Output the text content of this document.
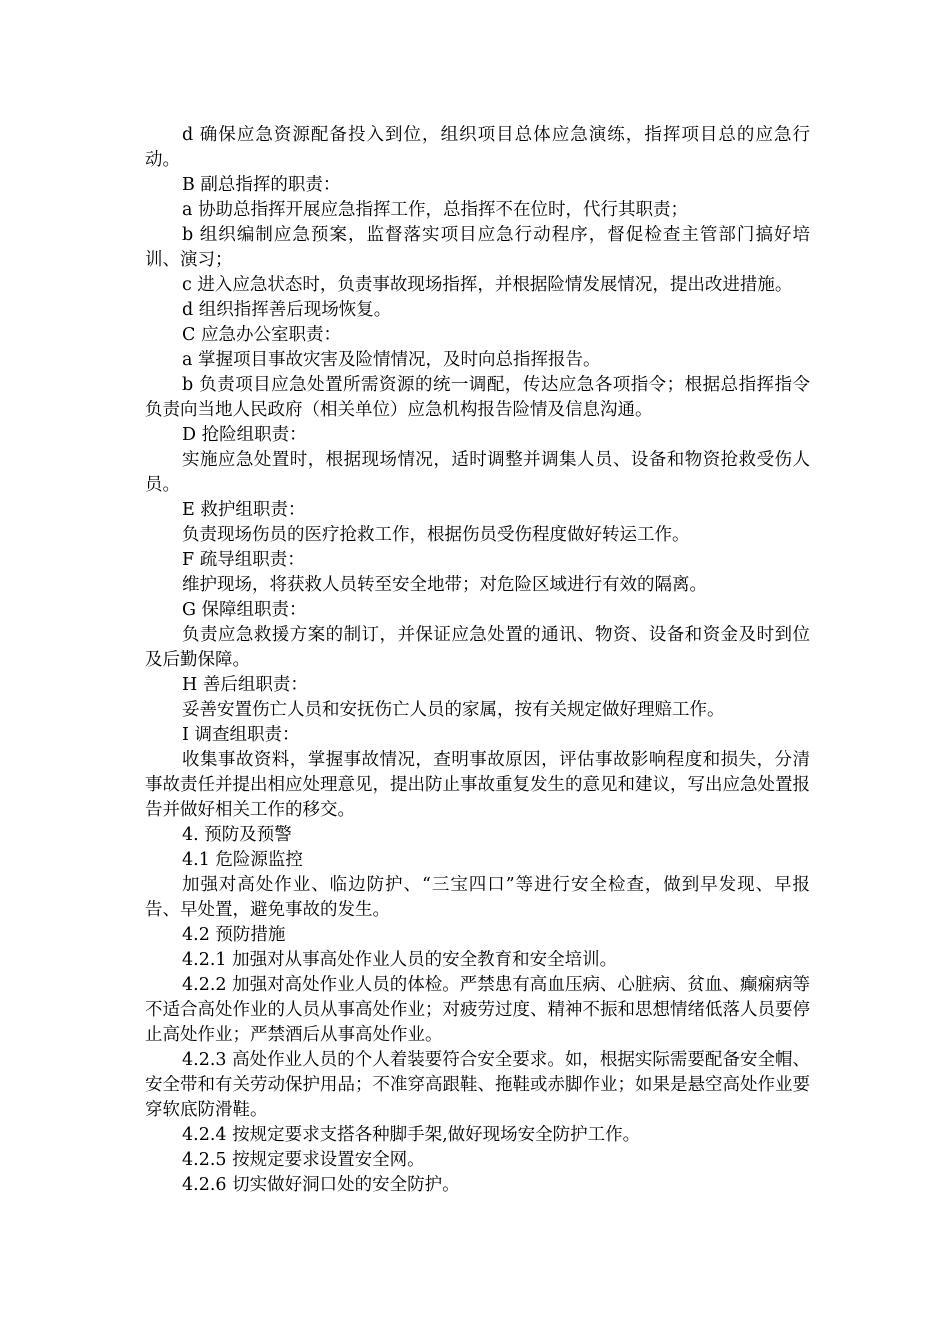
d 确保应急资源配备投入到位，组织项目总体应急演练，指挥项目总的应急行动。

B 副总指挥的职责：

a 协助总指挥开展应急指挥工作，总指挥不在位时，代行其职责；

b 组织编制应急预案，监督落实项目应急行动程序，督促检查主管部门搞好培训、演习；

c 进入应急状态时，负责事故现场指挥，并根据险情发展情况，提出改进措施。

d 组织指挥善后现场恢复。

C 应急办公室职责：

a 掌握项目事故灾害及险情情况，及时向总指挥报告。

b 负责项目应急处置所需资源的统一调配，传达应急各项指令；根据总指挥指令负责向当地人民政府（相关单位）应急机构报告险情及信息沟通。

D 抢险组职责：

实施应急处置时，根据现场情况，适时调整并调集人员、设备和物资抢救受伤人员。

E 救护组职责：

负责现场伤员的医疗抢救工作，根据伤员受伤程度做好转运工作。

F 疏导组职责：

维护现场，将获救人员转至安全地带；对危险区域进行有效的隔离。

G 保障组职责：

负责应急救援方案的制订，并保证应急处置的通讯、物资、设备和资金及时到位及后勤保障。

H 善后组职责：

妥善安置伤亡人员和安抚伤亡人员的家属，按有关规定做好理赔工作。

I 调查组职责：

收集事故资料，掌握事故情况，查明事故原因，评估事故影响程度和损失，分清事故责任并提出相应处理意见，提出防止事故重复发生的意见和建议，写出应急处置报告并做好相关工作的移交。

4. 预防及预警

4.1 危险源监控

加强对高处作业、临边防护、“三宝四口”等进行安全检查，做到早发现、早报告、早处置，避免事故的发生。

4.2 预防措施

4.2.1 加强对从事高处作业人员的安全教育和安全培训。

4.2.2 加强对高处作业人员的体检。严禁患有高血压病、心脏病、贫血、癫痫病等不适合高处作业的人员从事高处作业；对疲劳过度、精神不振和思想情绪低落人员要停止高处作业；严禁酒后从事高处作业。

4.2.3 高处作业人员的个人着装要符合安全要求。如，根据实际需要配备安全帽、安全带和有关劳动保护用品；不准穿高跟鞋、拖鞋或赤脚作业；如果是悬空高处作业要穿软底防滑鞋。

4.2.4 按规定要求支搭各种脚手架,做好现场安全防护工作。

4.2.5 按规定要求设置安全网。

4.2.6 切实做好洞口处的安全防护。
